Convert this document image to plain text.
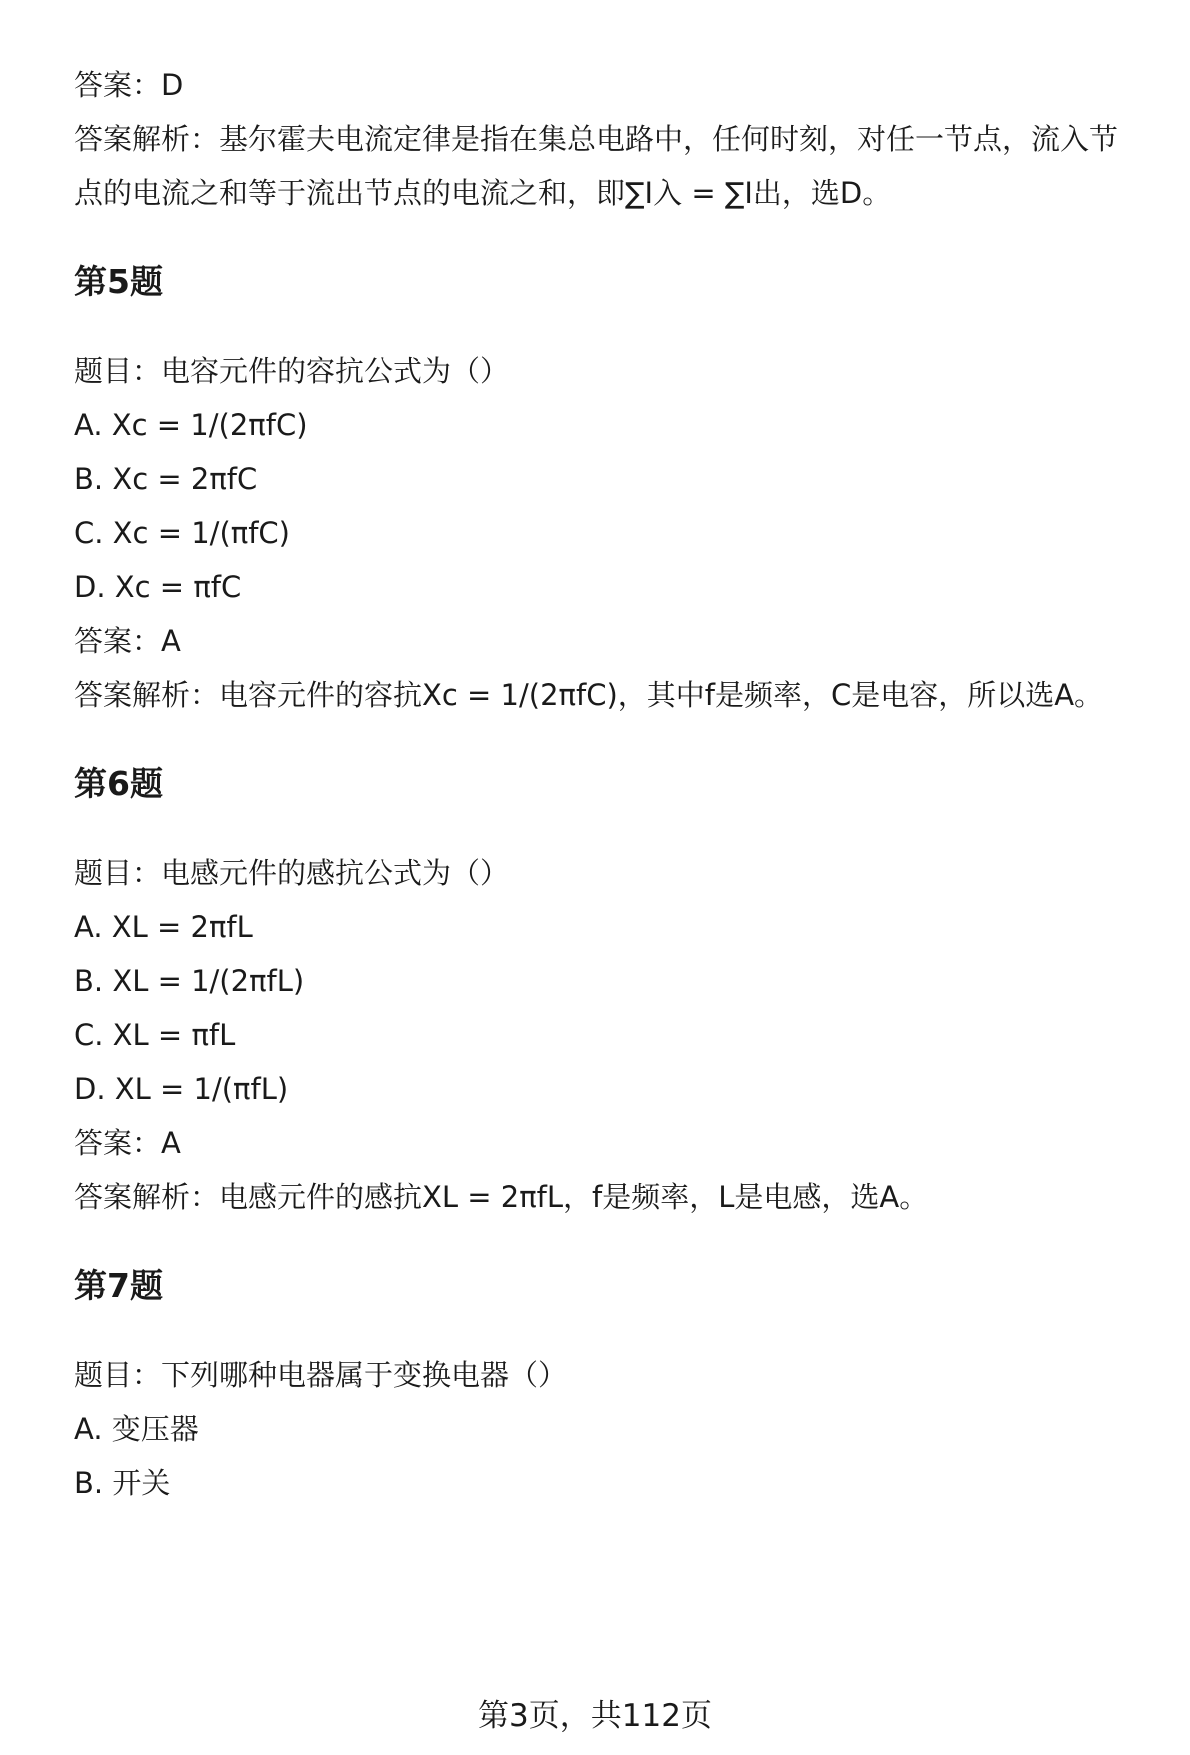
答案：D
答案解析：基尔霍夫电流定律是指在集总电路中，任何时刻，对任一节点，流入节
点的电流之和等于流出节点的电流之和，即∑I入 = ∑I出，选D。
第5题
题目：电容元件的容抗公式为（）
A. Xc = 1/(2πfC)
B. Xc = 2πfC
C. Xc = 1/(πfC)
D. Xc = πfC
答案：A
答案解析：电容元件的容抗Xc = 1/(2πfC)，其中f是频率，C是电容，所以选A。
第6题
题目：电感元件的感抗公式为（）
A. XL = 2πfL
B. XL = 1/(2πfL)
C. XL = πfL
D. XL = 1/(πfL)
答案：A
答案解析：电感元件的感抗XL = 2πfL，f是频率，L是电感，选A。
第7题
题目：下列哪种电器属于变换电器（）
A. 变压器
B. 开关
第3页，共112页
